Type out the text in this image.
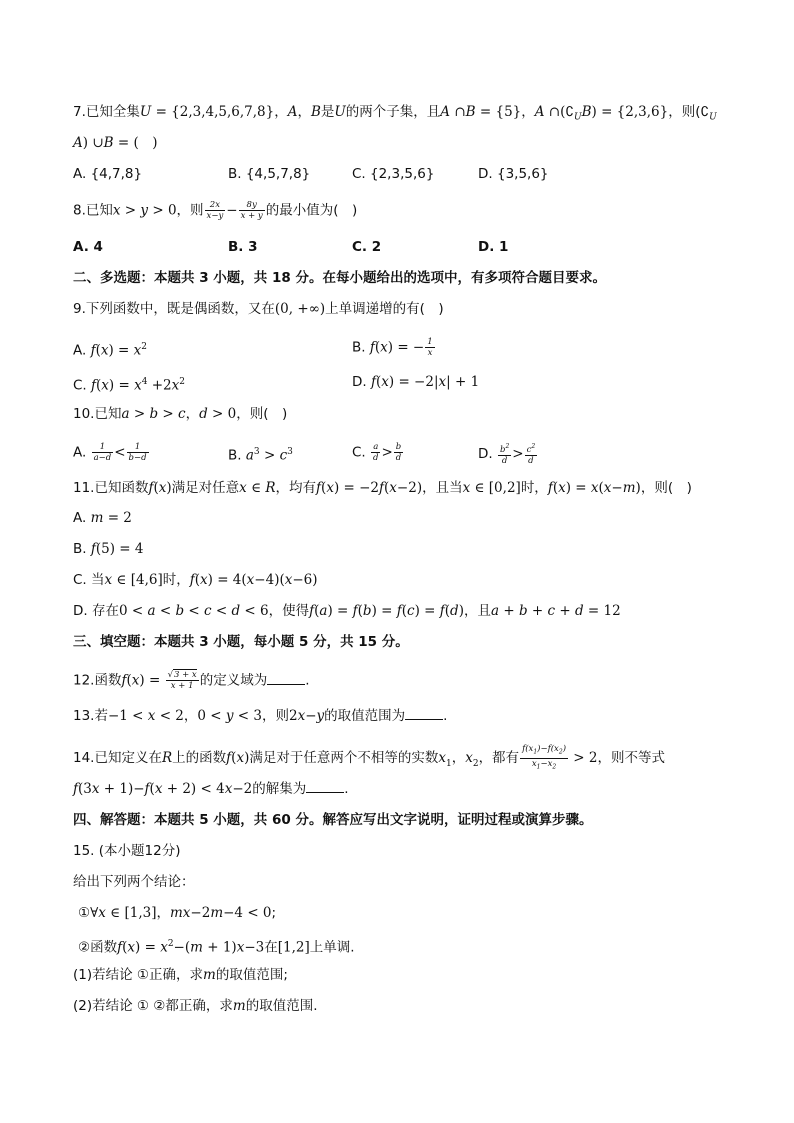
7.已知全集U = {2,3,4,5,6,7,8}，A，B是U的两个子集，且A ∩B = {5}，A $\cap(∁_UB) = \{2,3,6\}$，则($∁_U$
A) ∪B = (　)
A. {4,7,8}	B. {4,5,7,8}	C. {2,3,5,6}	D. {3,5,6}
8.已知x > y > 0，则 $\frac{2x}{x-y} - \frac{8y}{x + y}$ 的最小值为(　)
A. 4	B. 3	C. 2	D. 1
二、多选题：本题共 3 小题，共 18 分。在每小题给出的选项中，有多项符合题目要求。
9.下列函数中，既是偶函数，又在(0, +∞)上单调递增的有(　)
A. $f(x) = x^2$	B. f(x) = − $\frac{1}{x}$
C. $f(x) = x^4 +2x^2$	D. f(x) = −2|x| + 1
10.已知a > b > c，d > 0，则(　)
A. $\frac{1}{a-d} < \frac{1}{b-d}$	B. $a^3 > c^3$	C. $\frac{a}{d} > \frac{b}{d}$	D. $\frac{b^2}{d} > \frac{c^2}{d}$
11.已知函数f(x)满足对任意x ∈ R，均有f(x) = −2f(x−2)，且当x ∈ [0,2]时，f(x) = x(x−m)，则(　)
A. m = 2
B. f(5) = 4
C. 当x ∈ [4,6]时，f(x) = 4(x−4)(x−6)
D. 存在0 < a < b < c < d < 6，使得f(a) = f(b) = f(c) = f(d)，且a + b + c + d = 12
三、填空题：本题共 3 小题，每小题 5 分，共 15 分。
12.函数$f(x) = \frac{√3 + x}{x + 1}$ 的定义域为	.
13.若−1 < x < 2，0 < y < 3，则2x−y的取值范围为	.
14.已知定义在R上的函数f(x)满足对于任意两个不相等的实数$x_1$，$x_2$，都有 $\frac{f(x_1)-f(x_2)}{x_1-x_2} > 2$，则不等式
f(3x + 1)−f(x + 2) < 4x−2的解集为	.
四、解答题：本题共 5 小题，共 60 分。解答应写出文字说明，证明过程或演算步骤。
15. (本小题12分)
给出下列两个结论：
①∀x ∈ [1,3]，mx−2m−4 < 0;
②函数$f(x) = x^2-(m + 1)x-3$在[1,2]上单调.
(1)若结论 ①正确，求m的取值范围;
(2)若结论 ① ②都正确，求m的取值范围.
